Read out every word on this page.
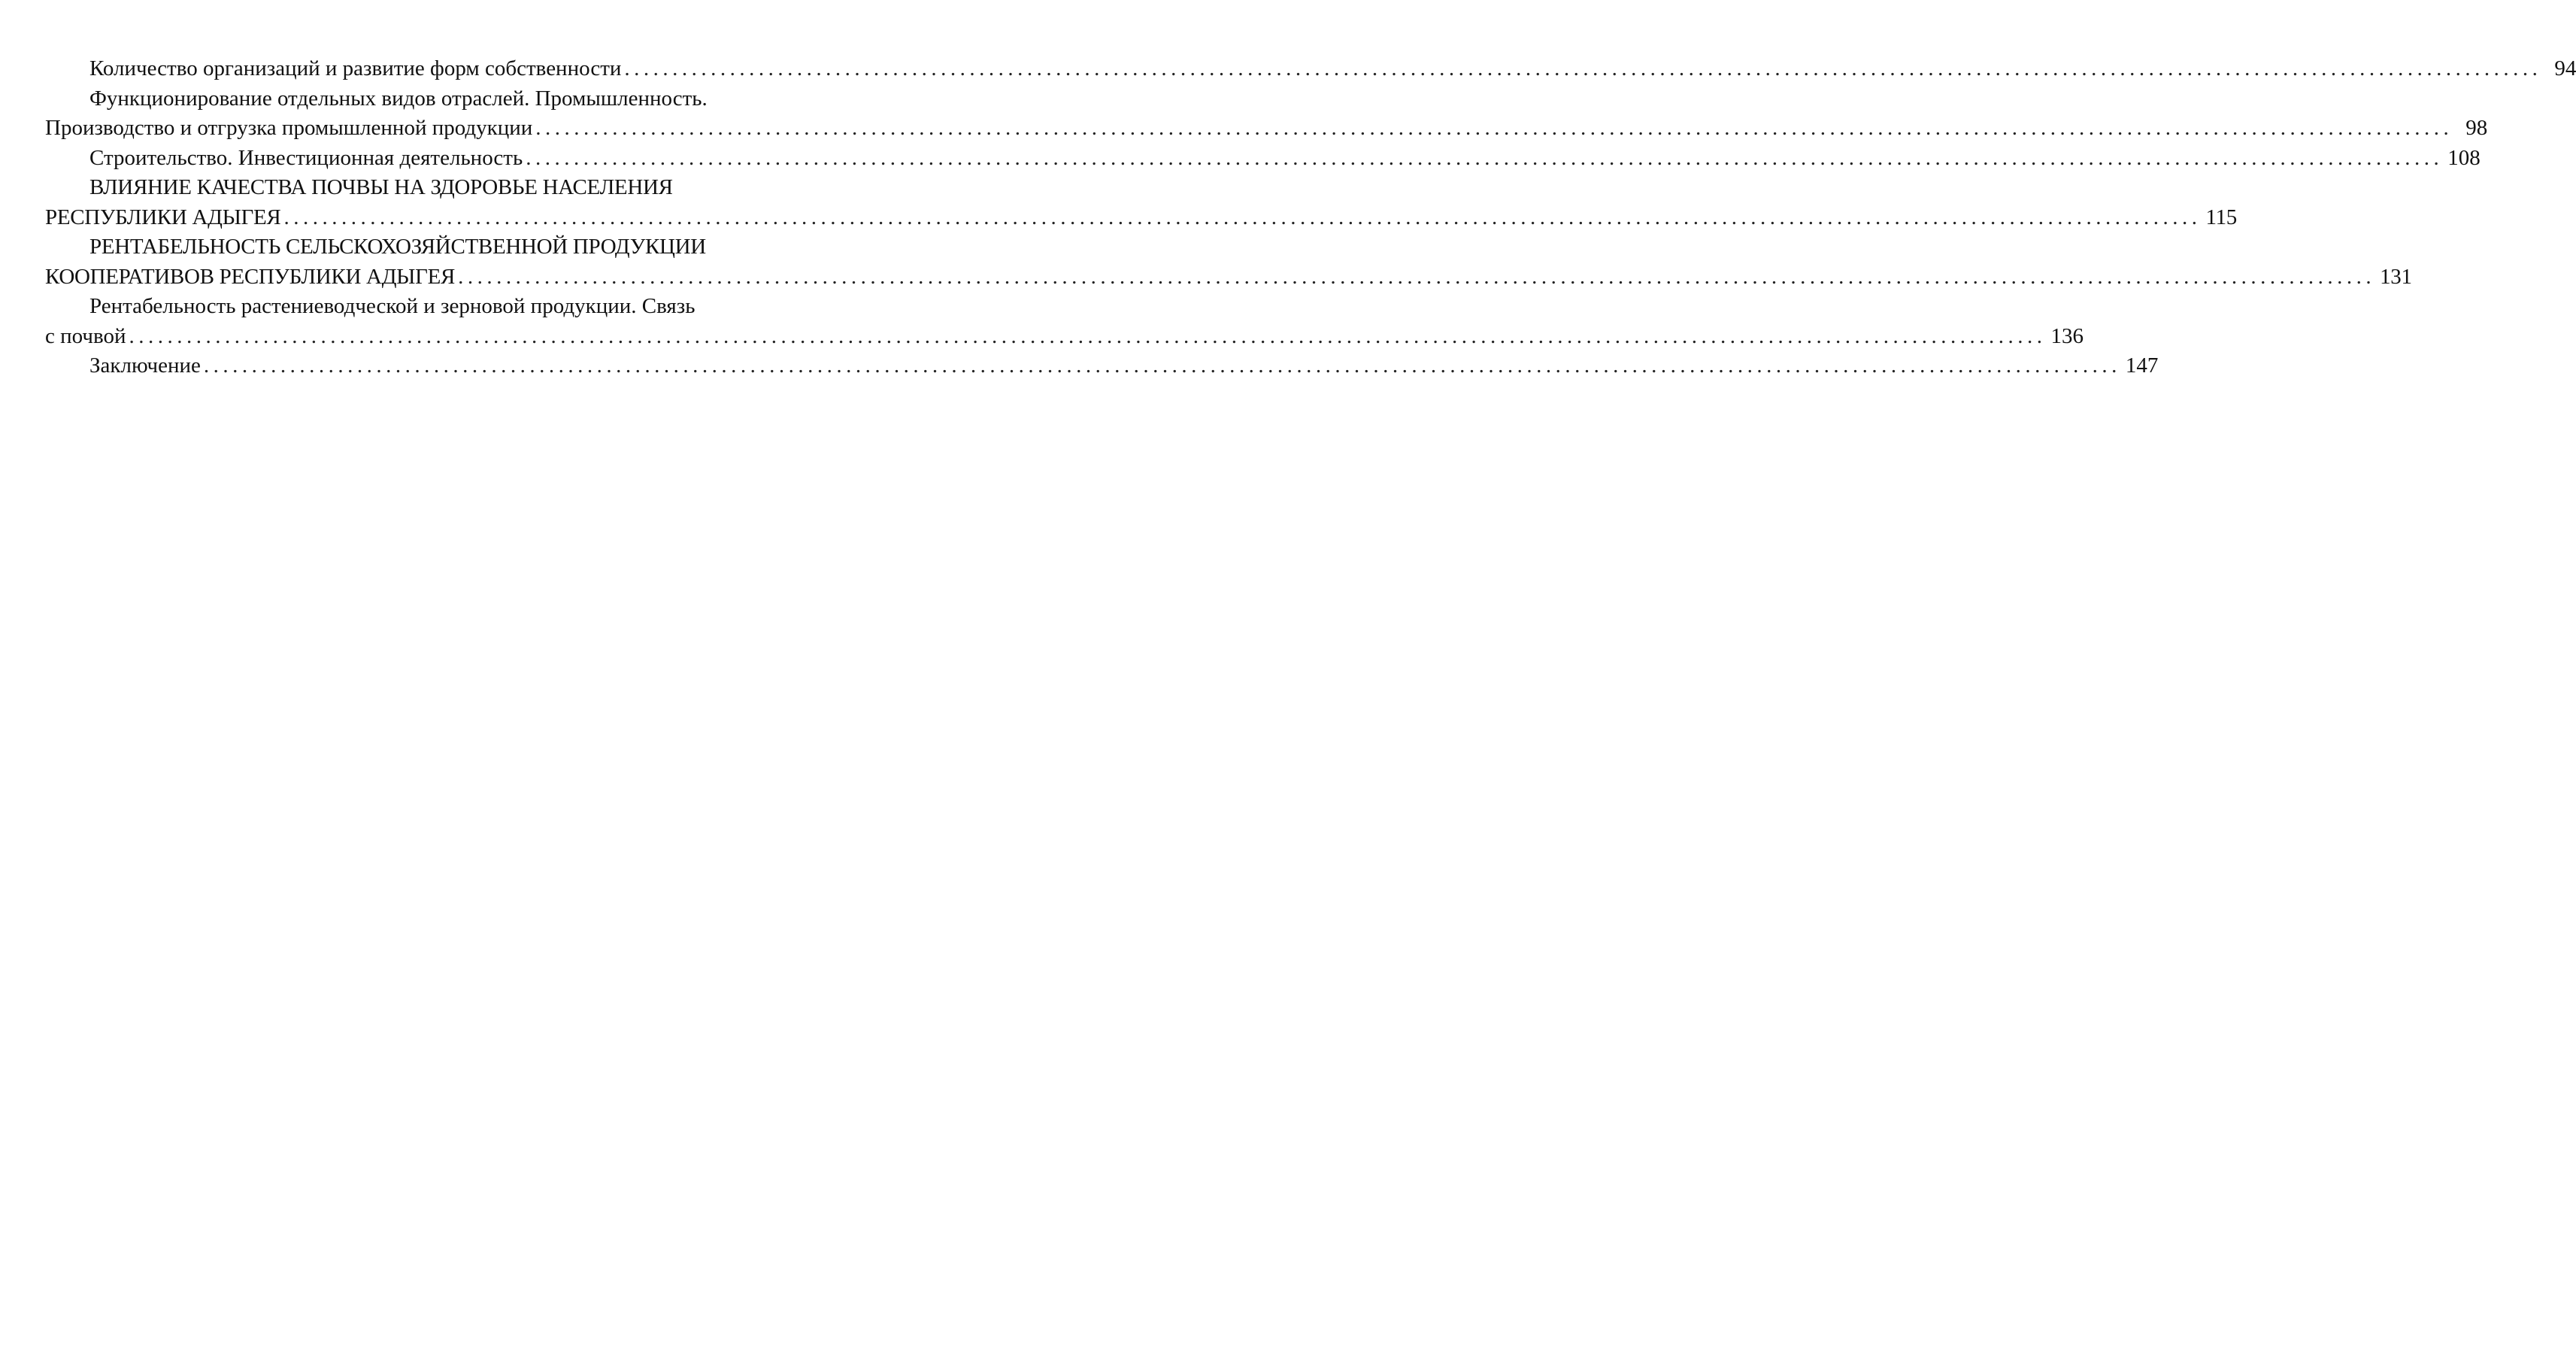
Количество организаций и развитие форм собственности ........................................................................................................................................................................................................ 94
Функционирование отдельных видов отраслей. Промышленность.
Производство и отгрузка промышленной продукции ........................................................................................................................................................................................................ 98
Строительство. Инвестиционная деятельность ........................................................................................................................................................................................................ 108
ВЛИЯНИЕ КАЧЕСТВА ПОЧВЫ НА ЗДОРОВЬЕ НАСЕЛЕНИЯ
РЕСПУБЛИКИ АДЫГЕЯ ........................................................................................................................................................................................................ 115
РЕНТАБЕЛЬНОСТЬ СЕЛЬСКОХОЗЯЙСТВЕННОЙ ПРОДУКЦИИ
КООПЕРАТИВОВ РЕСПУБЛИКИ АДЫГЕЯ ........................................................................................................................................................................................................ 131
Рентабельность растениеводческой и зерновой продукции. Связь
с почвой ........................................................................................................................................................................................................ 136
Заключение ........................................................................................................................................................................................................ 147
